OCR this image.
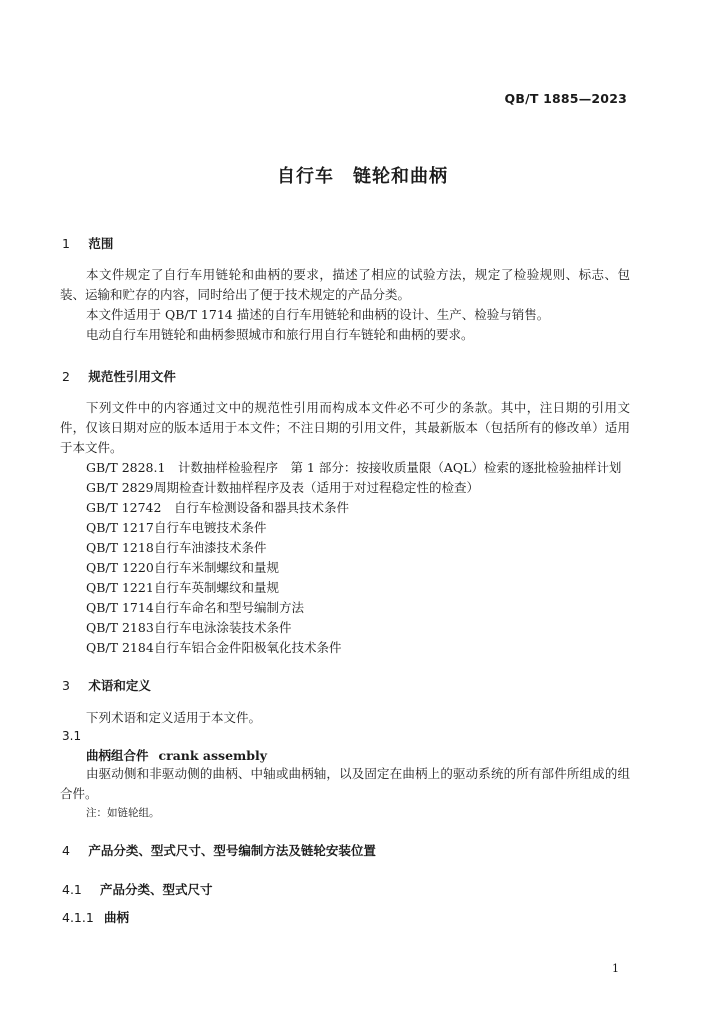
QB/T 1885—2023
自行车　链轮和曲柄
1 范围
本文件规定了自行车用链轮和曲柄的要求，描述了相应的试验方法，规定了检验规则、标志、包装、运输和贮存的内容，同时给出了便于技术规定的产品分类。
本文件适用于 QB/T 1714 描述的自行车用链轮和曲柄的设计、生产、检验与销售。
电动自行车用链轮和曲柄参照城市和旅行用自行车链轮和曲柄的要求。
2 规范性引用文件
下列文件中的内容通过文中的规范性引用而构成本文件必不可少的条款。其中，注日期的引用文件，仅该日期对应的版本适用于本文件；不注日期的引用文件，其最新版本（包括所有的修改单）适用于本文件。
GB/T 2828.1　 计数抽样检验程序　第 1 部分：按接收质量限（AQL）检索的逐批检验抽样计划
GB/T 2829周期检查计数抽样程序及表（适用于对过程稳定性的检查）
GB/T 12742　 自行车检测设备和器具技术条件
QB/T 1217自行车电镀技术条件
QB/T 1218自行车油漆技术条件
QB/T 1220自行车米制螺纹和量规
QB/T 1221自行车英制螺纹和量规
QB/T 1714自行车命名和型号编制方法
QB/T 2183自行车电泳涂装技术条件
QB/T 2184自行车铝合金件阳极氧化技术条件
3 术语和定义
下列术语和定义适用于本文件。
3.1
曲柄组合件 crank assembly
由驱动侧和非驱动侧的曲柄、中轴或曲柄轴，以及固定在曲柄上的驱动系统的所有部件所组成的组合件。
注：如链轮组。
4 产品分类、型式尺寸、型号编制方法及链轮安装位置
4.1 产品分类、型式尺寸
4.1.1 曲柄
1
